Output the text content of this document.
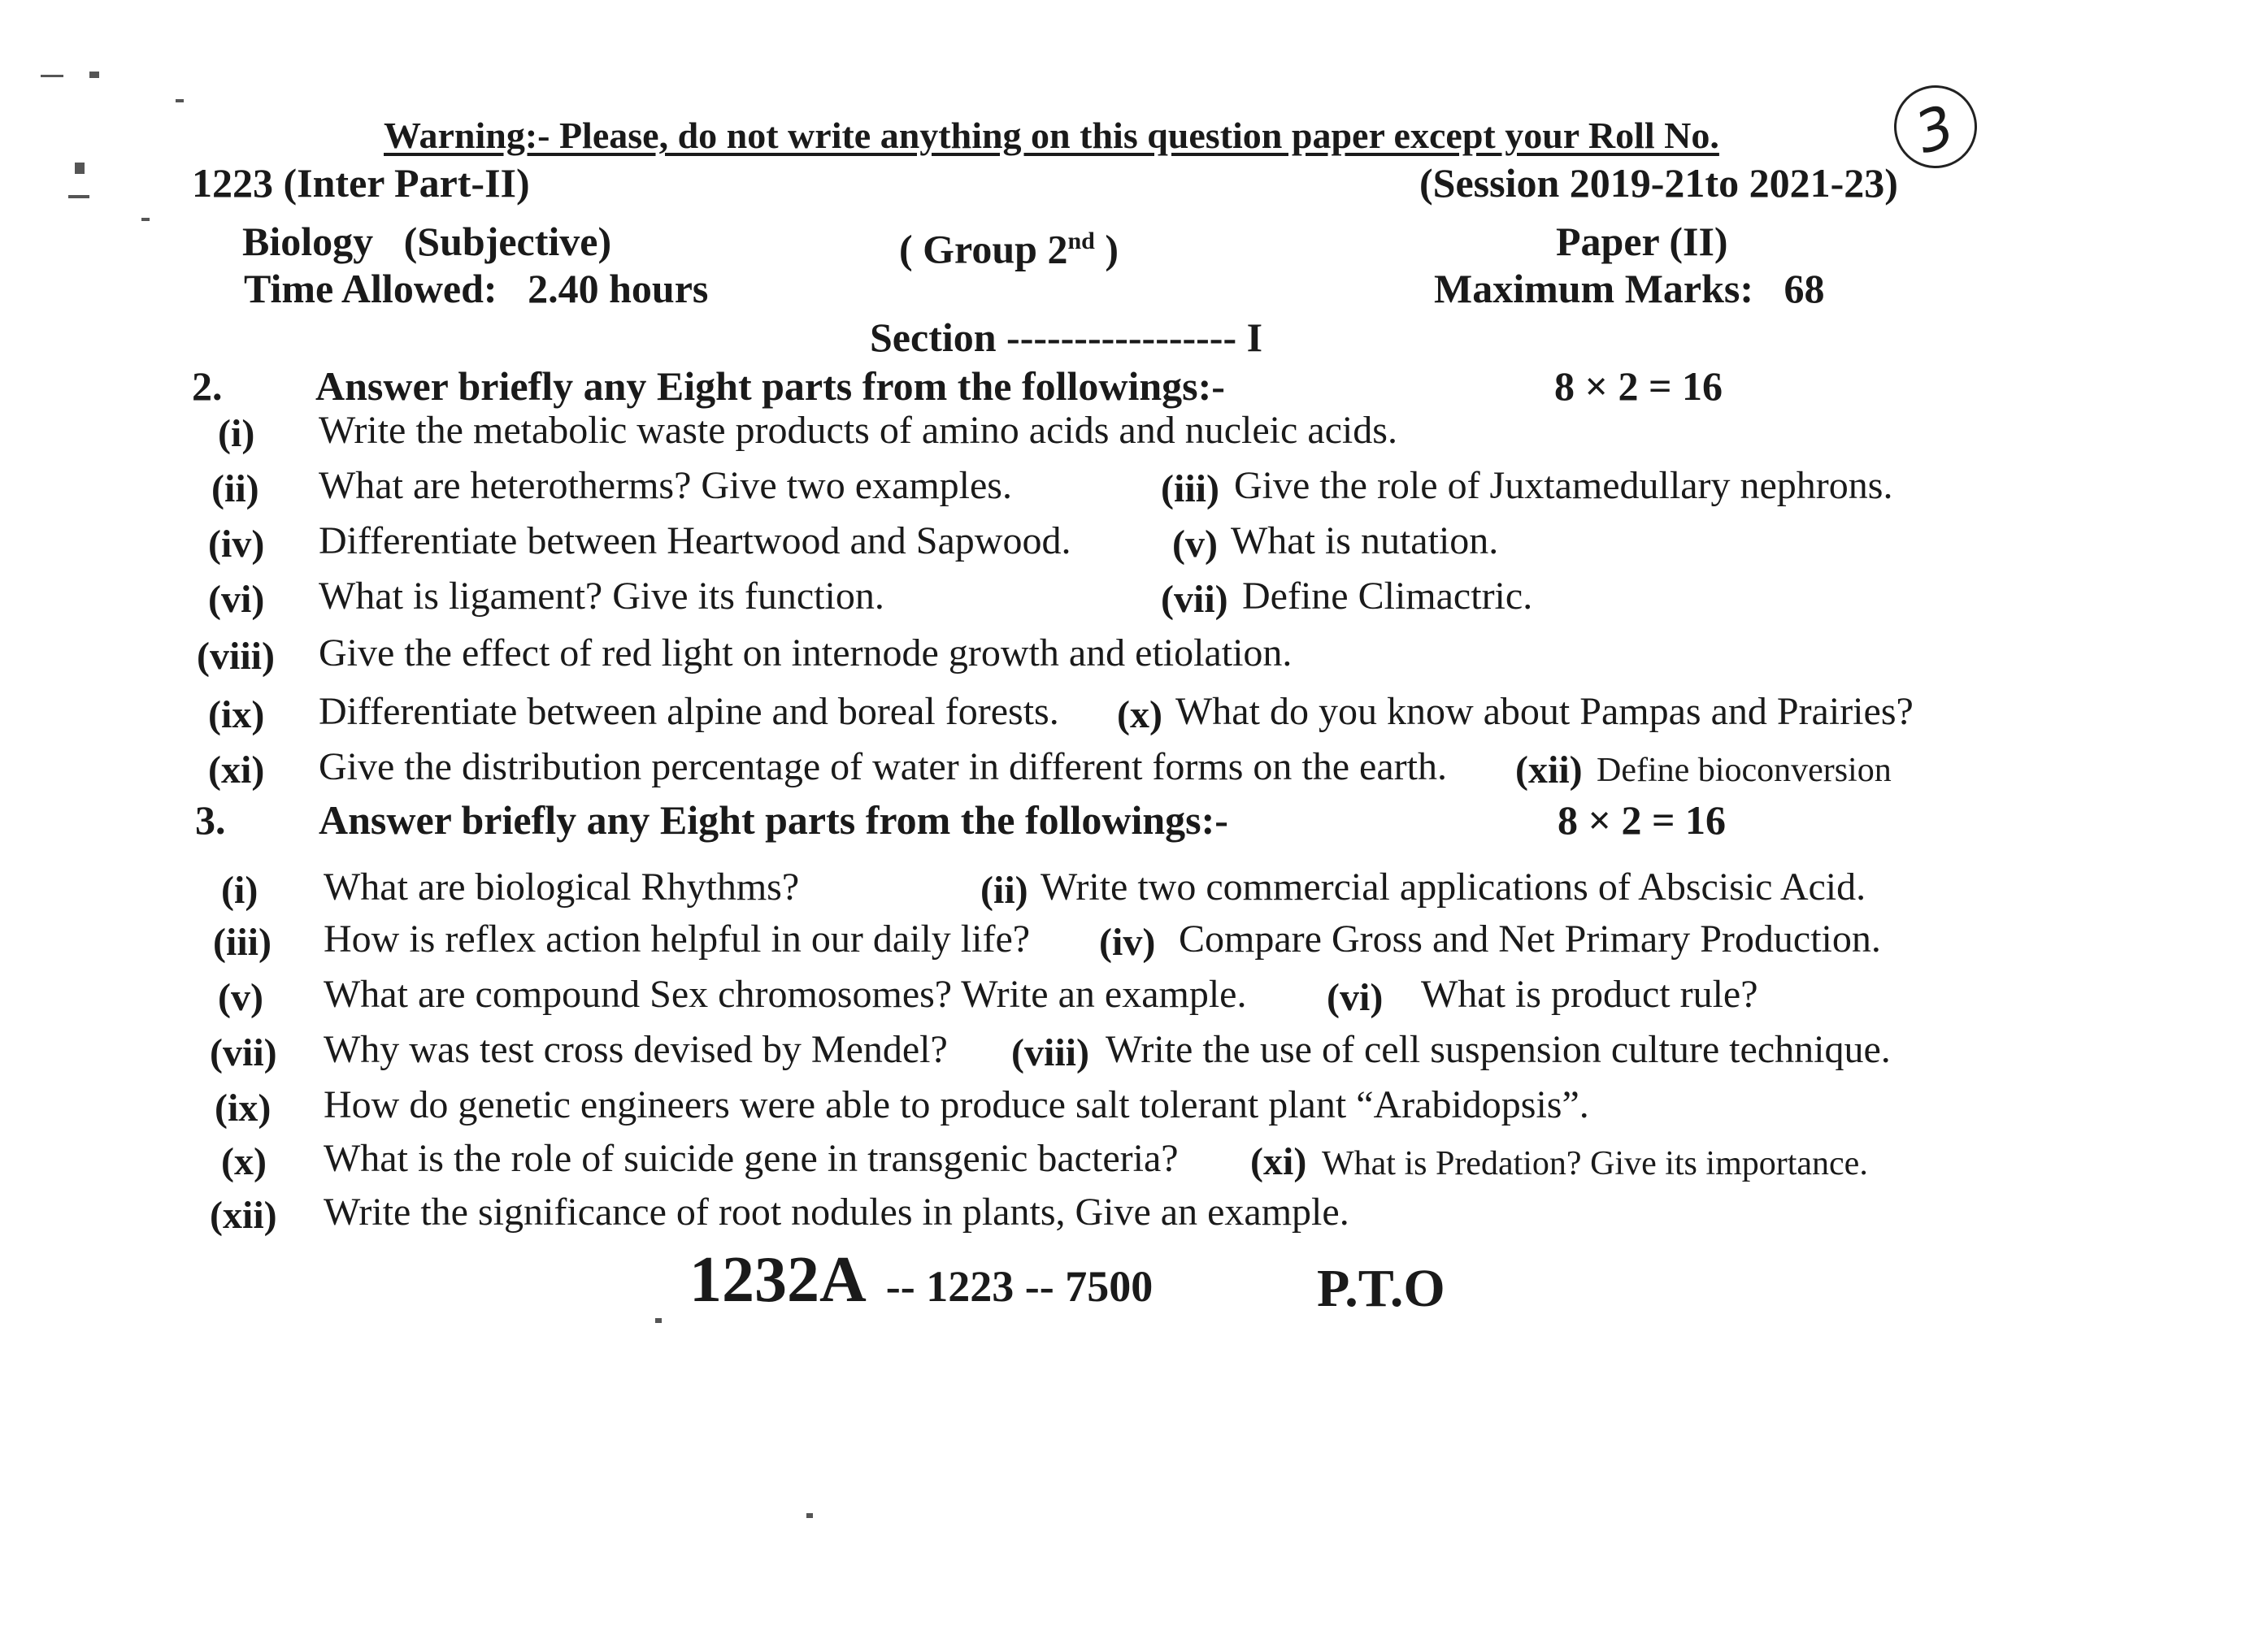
Warning:- Please, do not write anything on this question paper except your Roll No.	3
1223 (Inter Part-II)	(Session 2019-21to 2021-23)
Biology (Subjective)	( Group 2nd )	Paper (II)
Time Allowed: 2.40 hours	Maximum Marks: 68
Section ----------------- I
2. Answer briefly any Eight parts from the followings:-	8 × 2 = 16
(i) Write the metabolic waste products of amino acids and nucleic acids.
(ii) What are heterotherms? Give two examples.	(iii) Give the role of Juxtamedullary nephrons.
(iv) Differentiate between Heartwood and Sapwood.	(v) What is nutation.
(vi) What is ligament? Give its function.	(vii) Define Climactric.
(viii) Give the effect of red light on internode growth and etiolation.
(ix) Differentiate between alpine and boreal forests. (x) What do you know about Pampas and Prairies?
(xi) Give the distribution percentage of water in different forms on the earth. (xii) Define bioconversion
3. Answer briefly any Eight parts from the followings:-	8 × 2 = 16
(i) What are biological Rhythms?	(ii) Write two commercial applications of Abscisic Acid.
(iii) How is reflex action helpful in our daily life? (iv) Compare Gross and Net Primary Production.
(v) What are compound Sex chromosomes? Write an example. (vi) What is product rule?
(vii) Why was test cross devised by Mendel? (viii) Write the use of cell suspension culture technique.
(ix) How do genetic engineers were able to produce salt tolerant plant “Arabidopsis”.
(x) What is the role of suicide gene in transgenic bacteria? (xi) What is Predation? Give its importance.
(xii) Write the significance of root nodules in plants, Give an example.
1232A -- 1223 -- 7500	P.T.O
